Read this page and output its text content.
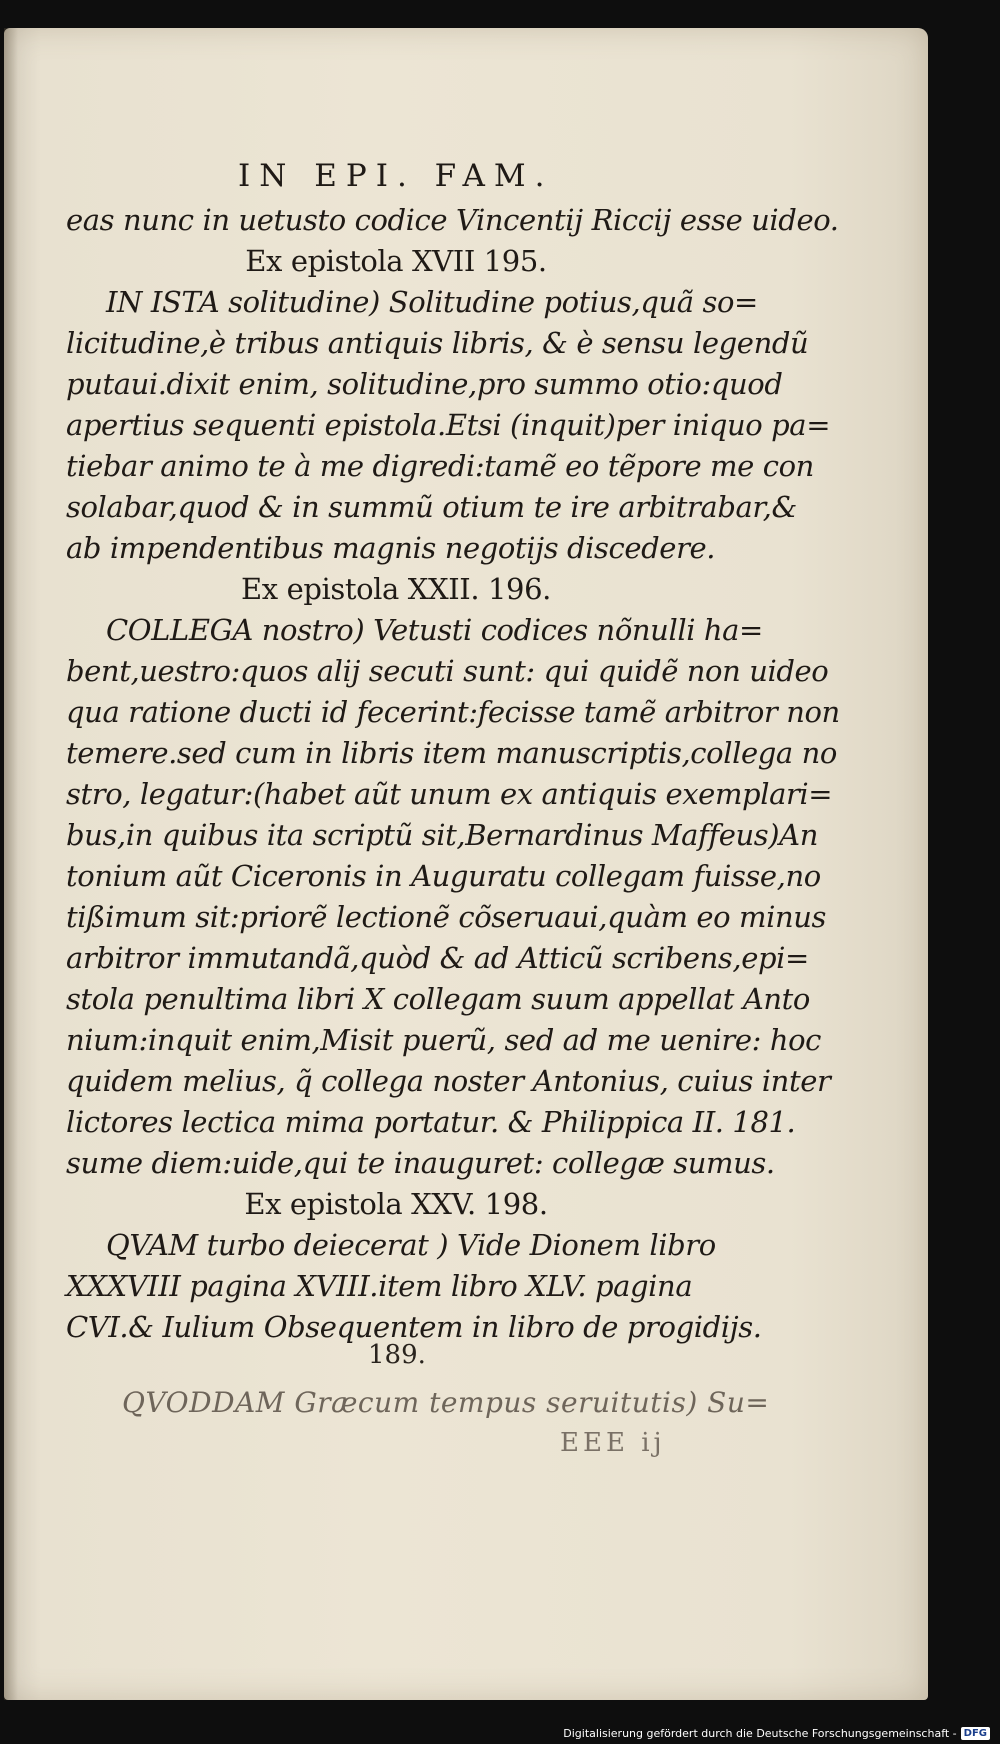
IN EPI. FAM.
eas nunc in uetusto codice Vincentij Riccij esse uideo.
Ex epistola XVII 195.
IN ISTA solitudine) Solitudine potius,quã so=
licitudine,è tribus antiquis libris, & è sensu legendũ
putaui.dixit enim, solitudine,pro summo otio:quod
apertius sequenti epistola.Etsi (inquit)per iniquo pa=
tiebar animo te à me digredi:tamẽ eo tẽpore me con
solabar,quod & in summũ otium te ire arbitrabar,&
ab impendentibus magnis negotijs discedere.
Ex epistola XXII. 196.
COLLEGA nostro) Vetusti codices nõnulli ha=
bent,uestro:quos alij secuti sunt: qui quidẽ non uideo
qua ratione ducti id fecerint:fecisse tamẽ arbitror non
temere.sed cum in libris item manuscriptis,collega no
stro, legatur:(habet aũt unum ex antiquis exemplari=
bus,in quibus ita scriptũ sit,Bernardinus Maffeus)An
tonium aũt Ciceronis in Auguratu collegam fuisse,no
tißimum sit:priorẽ lectionẽ cõseruaui,quàm eo minus
arbitror immutandã,quòd & ad Atticũ scribens,epi=
stola penultima libri X collegam suum appellat Anto
nium:inquit enim,Misit puerũ, sed ad me uenire: hoc
quidem melius, q̃ collega noster Antonius, cuius inter
lictores lectica mima portatur. & Philippica II. 181.
sume diem:uide,qui te inauguret: collegæ sumus.
Ex epistola XXV. 198.
QVAM turbo deiecerat ) Vide Dionem libro
XXXVIII pagina XVIII.item libro XLV. pagina
CVI.& Iulium Obsequentem in libro de progidijs.
189.
QVODDAM Græcum tempus seruitutis) Su=
EEE ij
Digitalisierung gefördert durch die Deutsche Forschungsgemeinschaft - DFG
